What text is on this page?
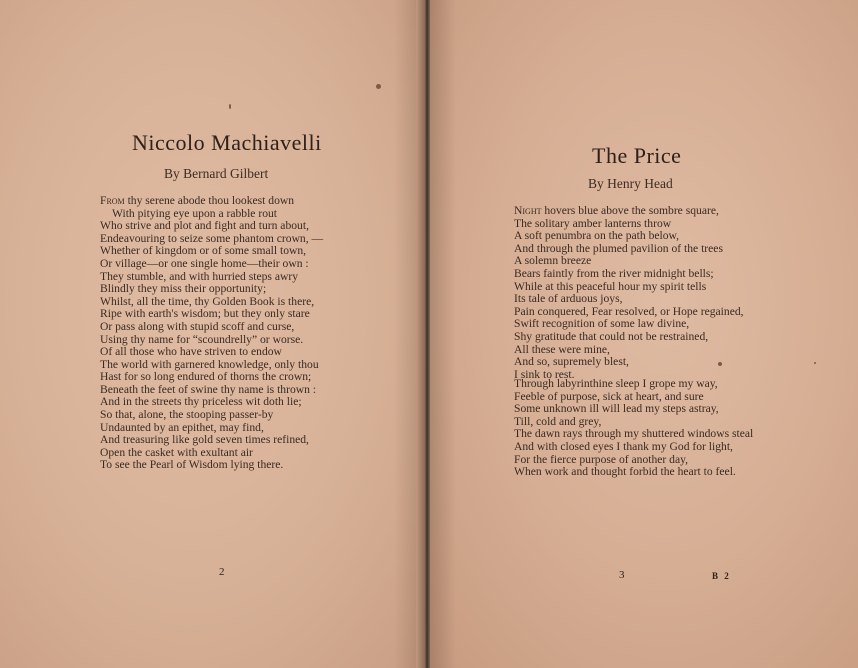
Niccolo Machiavelli
By Bernard Gilbert
From thy serene abode thou lookest down
With pitying eye upon a rabble rout
Who strive and plot and fight and turn about,
Endeavouring to seize some phantom crown, —
Whether of kingdom or of some small town,
Or village—or one single home—their own :
They stumble, and with hurried steps awry
Blindly they miss their opportunity;
Whilst, all the time, thy Golden Book is there,
Ripe with earth's wisdom; but they only stare
Or pass along with stupid scoff and curse,
Using thy name for “scoundrelly” or worse.
Of all those who have striven to endow
The world with garnered knowledge, only thou
Hast for so long endured of thorns the crown;
Beneath the feet of swine thy name is thrown :
And in the streets thy priceless wit doth lie;
So that, alone, the stooping passer-by
Undaunted by an epithet, may find,
And treasuring like gold seven times refined,
Open the casket with exultant air
To see the Pearl of Wisdom lying there.
2
The Price
By Henry Head
Night hovers blue above the sombre square,
The solitary amber lanterns throw
A soft penumbra on the path below,
And through the plumed pavilion of the trees
A solemn breeze
Bears faintly from the river midnight bells;
While at this peaceful hour my spirit tells
Its tale of arduous joys,
Pain conquered, Fear resolved, or Hope regained,
Swift recognition of some law divine,
Shy gratitude that could not be restrained,
All these were mine,
And so, supremely blest,
I sink to rest.
Through labyrinthine sleep I grope my way,
Feeble of purpose, sick at heart, and sure
Some unknown ill will lead my steps astray,
Till, cold and grey,
The dawn rays through my shuttered windows steal
And with closed eyes I thank my God for light,
For the fierce purpose of another day,
When work and thought forbid the heart to feel.
3	B 2
